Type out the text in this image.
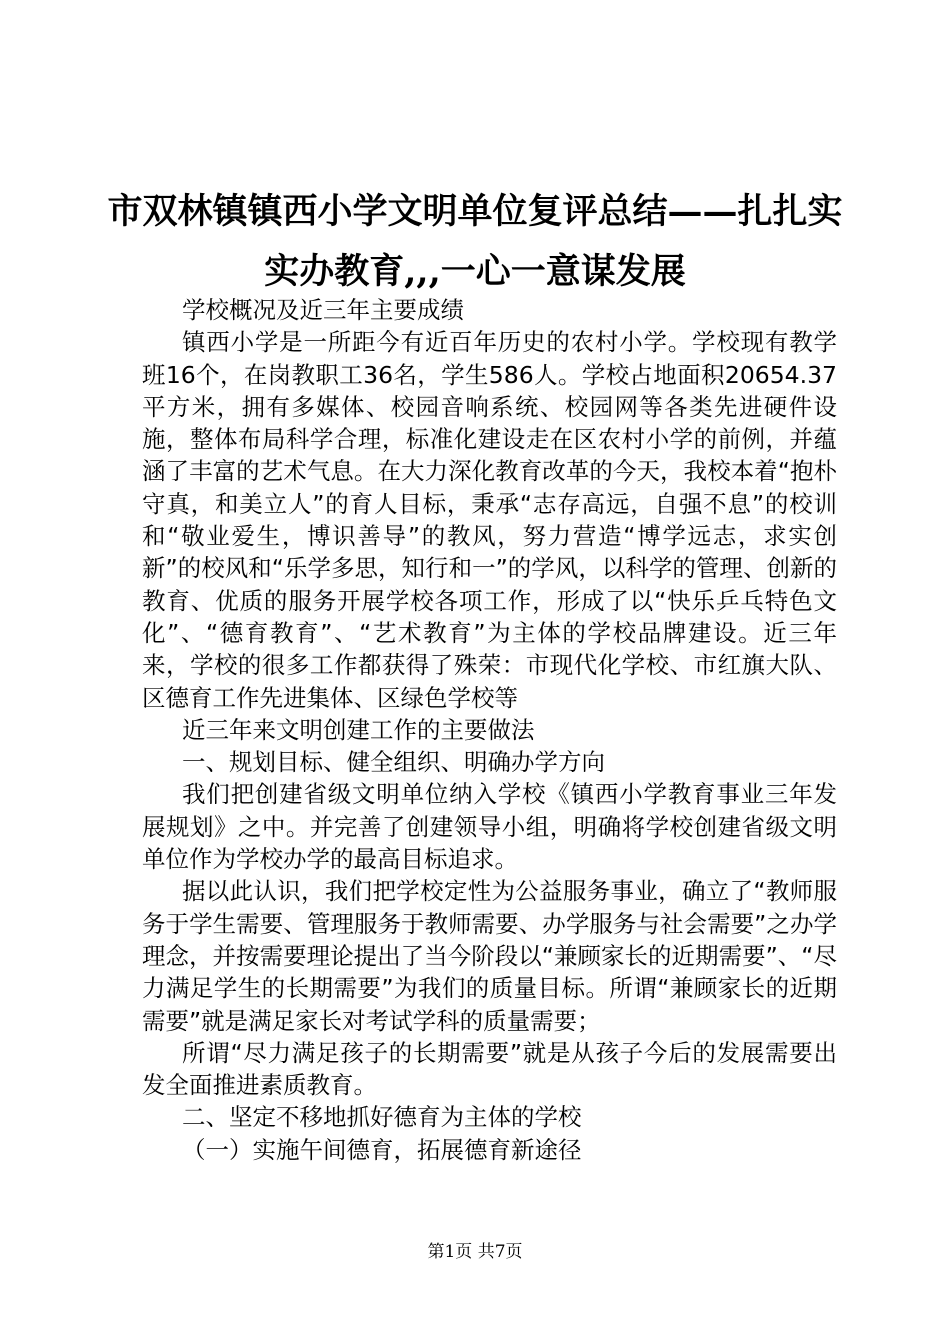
市双林镇镇西小学文明单位复评总结——扎扎实实办教育,,,一心一意谋发展

学校概况及近三年主要成绩

镇西小学是一所距今有近百年历史的农村小学。学校现有教学班16个，在岗教职工36名，学生586人。学校占地面积20654.37平方米，拥有多媒体、校园音响系统、校园网等各类先进硬件设施，整体布局科学合理，标准化建设走在区农村小学的前例，并蕴涵了丰富的艺术气息。在大力深化教育改革的今天，我校本着“抱朴守真，和美立人”的育人目标，秉承“志存高远，自强不息”的校训和“敬业爱生，博识善导”的教风，努力营造“博学远志，求实创新”的校风和“乐学多思，知行和一”的学风，以科学的管理、创新的教育、优质的服务开展学校各项工作，形成了以“快乐乒乓特色文化”、“德育教育”、“艺术教育”为主体的学校品牌建设。近三年来，学校的很多工作都获得了殊荣：市现代化学校、市红旗大队、区德育工作先进集体、区绿色学校等

近三年来文明创建工作的主要做法

一、规划目标、健全组织、明确办学方向

我们把创建省级文明单位纳入学校《镇西小学教育事业三年发展规划》之中。并完善了创建领导小组，明确将学校创建省级文明单位作为学校办学的最高目标追求。

据以此认识，我们把学校定性为公益服务事业，确立了“教师服务于学生需要、管理服务于教师需要、办学服务与社会需要”之办学理念，并按需要理论提出了当今阶段以“兼顾家长的近期需要”、“尽力满足学生的长期需要”为我们的质量目标。所谓“兼顾家长的近期需要”就是满足家长对考试学科的质量需要；

所谓“尽力满足孩子的长期需要”就是从孩子今后的发展需要出发全面推进素质教育。

二、坚定不移地抓好德育为主体的学校

（一）实施午间德育，拓展德育新途径

第1页 共7页
